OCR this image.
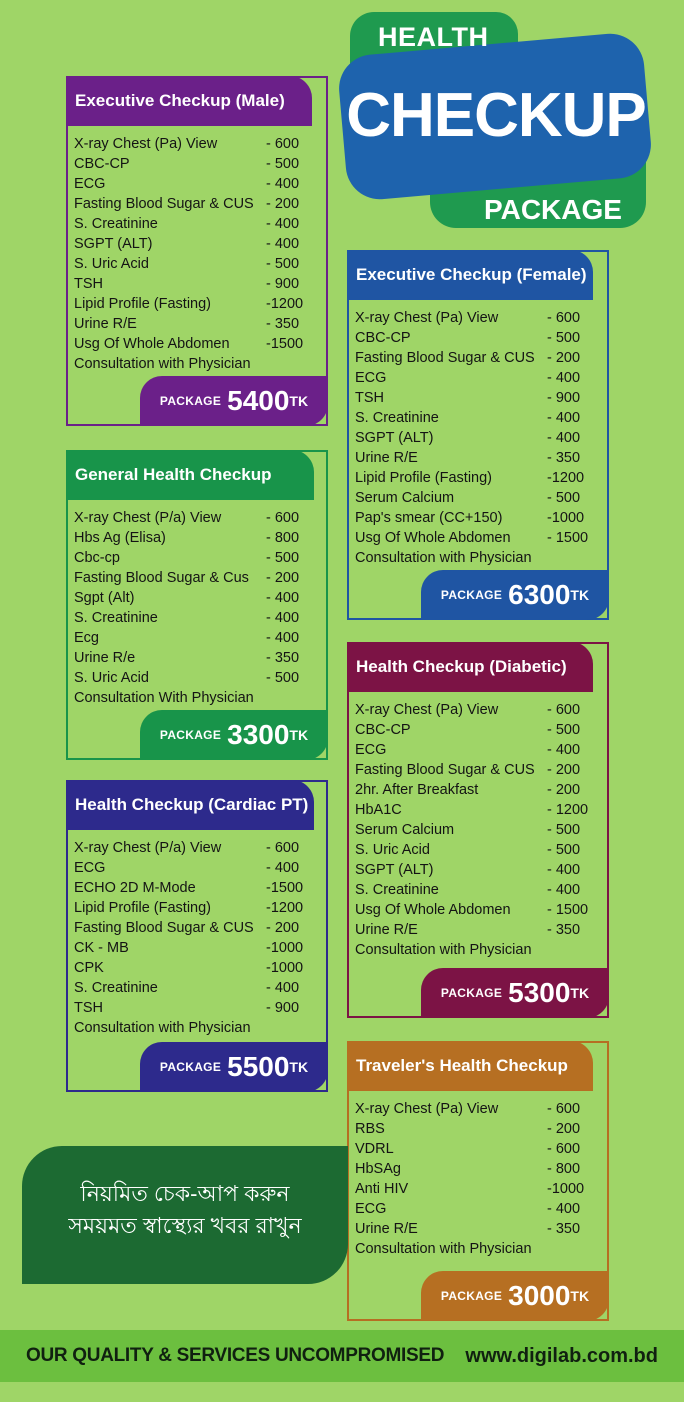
HEALTH
CHECKUP
PACKAGE
Executive Checkup (Male)
X-ray Chest (Pa) View	- 600
CBC-CP	- 500
ECG	- 400
Fasting Blood Sugar & CUS - 200
S. Creatinine	- 400
SGPT (ALT)	- 400
S. Uric Acid	- 500
TSH	- 900
Lipid Profile (Fasting)	-1200
Urine R/E	- 350
Usg Of Whole Abdomen	-1500
Consultation with Physician
PACKAGE 5400 TK
General Health Checkup
X-ray Chest (P/a) View	- 600
Hbs Ag (Elisa)	- 800
Cbc-cp	- 500
Fasting Blood Sugar & Cus - 200
Sgpt (Alt)	- 400
S. Creatinine	- 400
Ecg	- 400
Urine R/e	- 350
S. Uric Acid	- 500
Consultation With Physician
PACKAGE 3300 TK
Health Checkup (Cardiac PT)
X-ray Chest (P/a) View	- 600
ECG	- 400
ECHO 2D M-Mode	-1500
Lipid Profile (Fasting)	-1200
Fasting Blood Sugar & CUS - 200
CK - MB	-1000
CPK	-1000
S. Creatinine	- 400
TSH	- 900
Consultation with Physician
PACKAGE 5500 TK
Executive Checkup (Female)
X-ray Chest (Pa) View	- 600
CBC-CP	- 500
Fasting Blood Sugar & CUS - 200
ECG	- 400
TSH	- 900
S. Creatinine	- 400
SGPT (ALT)	- 400
Urine R/E	- 350
Lipid Profile (Fasting)	-1200
Serum Calcium	- 500
Pap's smear (CC+150)	-1000
Usg Of Whole Abdomen	- 1500
Consultation with Physician
PACKAGE 6300 TK
Health Checkup (Diabetic)
X-ray Chest (Pa) View	- 600
CBC-CP	- 500
ECG	- 400
Fasting Blood Sugar & CUS - 200
2hr. After Breakfast	- 200
HbA1C	- 1200
Serum Calcium	- 500
S. Uric Acid	- 500
SGPT (ALT)	- 400
S. Creatinine	- 400
Usg Of Whole Abdomen	- 1500
Urine R/E	- 350
Consultation with Physician
PACKAGE 5300 TK
Traveler's Health Checkup
X-ray Chest (Pa) View	- 600
RBS	- 200
VDRL	- 600
HbSAg	- 800
Anti HIV	-1000
ECG	- 400
Urine R/E	- 350
Consultation with Physician
PACKAGE 3000 TK
নিয়মিত চেক-আপ করুন
সময়মত স্বাস্থ্যের খবর রাখুন
OUR QUALITY & SERVICES UNCOMPROMISED www.digilab.com.bd
